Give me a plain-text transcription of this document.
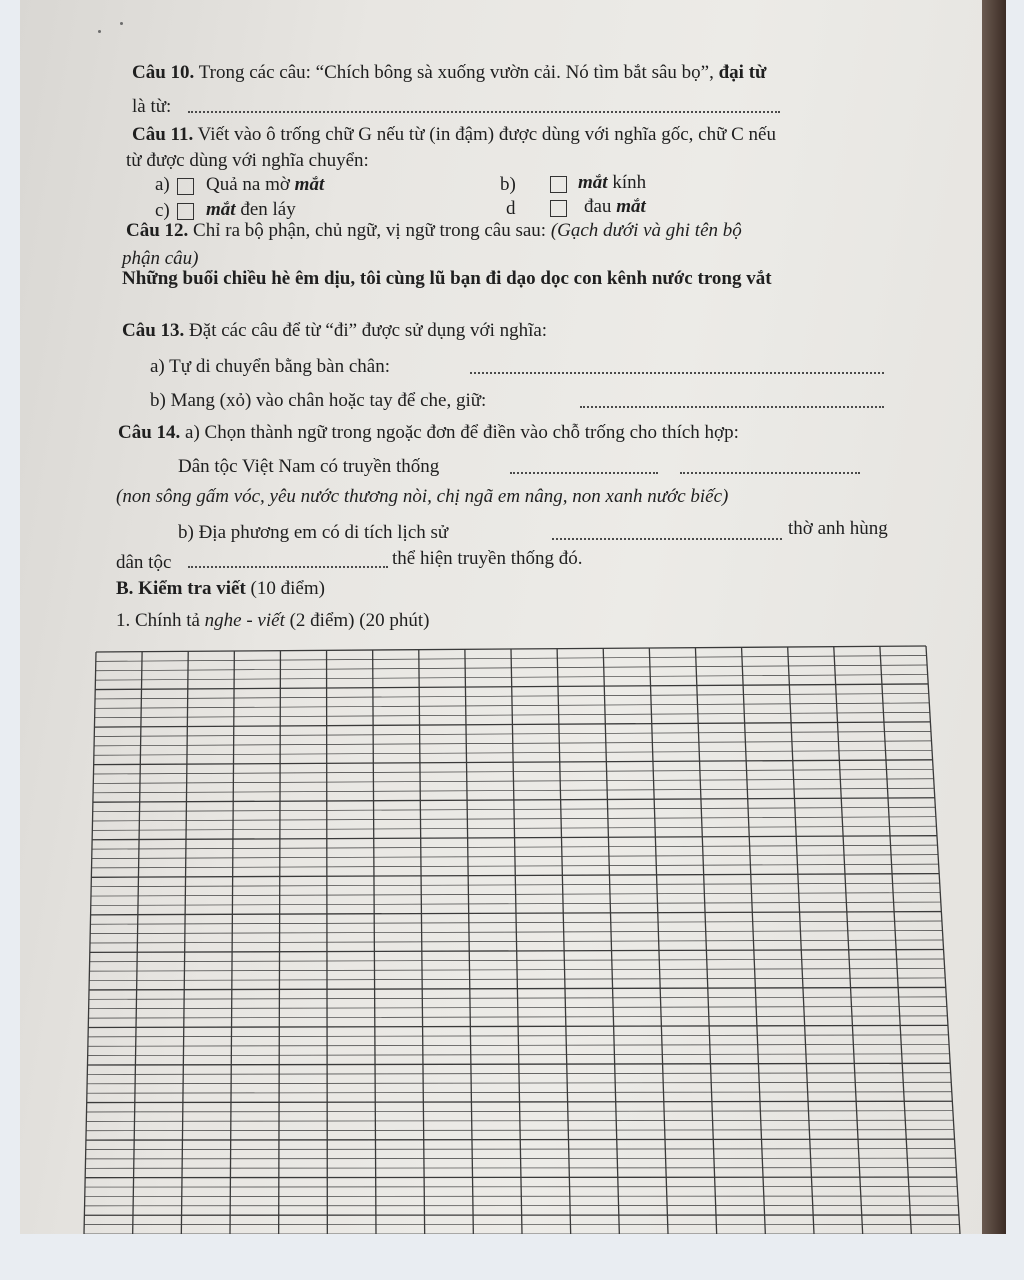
Câu 10. Trong các câu: “Chích bông sà xuống vườn cải. Nó tìm bắt sâu bọ”, đại từ
là từ:
Câu 11. Viết vào ô trống chữ G nếu từ (in đậm) được dùng với nghĩa gốc, chữ C nếu
từ được dùng với nghĩa chuyển:
a) Quả na mờ mắt	b)	mắt kính
c) mắt đen láy	d	đau mắt
Câu 12. Chỉ ra bộ phận, chủ ngữ, vị ngữ trong câu sau: (Gạch dưới và ghi tên bộ
phận câu)
Những buổi chiều hè êm dịu, tôi cùng lũ bạn đi dạo dọc con kênh nước trong vắt
Câu 13. Đặt các câu để từ “đi” được sử dụng với nghĩa:
a) Tự di chuyển bằng bàn chân:
b) Mang (xỏ) vào chân hoặc tay để che, giữ:
Câu 14. a) Chọn thành ngữ trong ngoặc đơn để điền vào chỗ trống cho thích hợp:
Dân tộc Việt Nam có truyền thống
(non sông gấm vóc, yêu nước thương nòi, chị ngã em nâng, non xanh nước biếc)
b) Địa phương em có di tích lịch sử	thờ anh hùng
dân tộc	thể hiện truyền thống đó.
B. Kiểm tra viết (10 điểm)
1. Chính tả nghe - viết (2 điểm) (20 phút)
